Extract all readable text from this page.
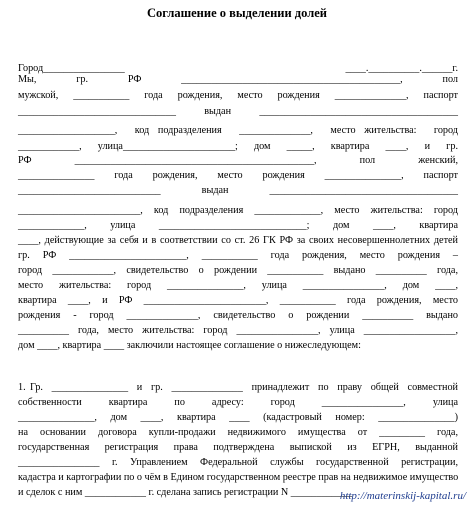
Соглашение о выделении долей

Город________________	____.__________.______г.

Мы,   гр.   РФ   ___________________________________________,   пол
мужской,  ___________  года  рождения,  место  рождения  ______________,  паспорт
_______________________________  выдан  _______________________________________
___________________,  код подразделения  ______________,  место жительства:  город
____________,  улица______________________;  дом  _____,  квартира  ____,  и  гр.
РФ  _______________________________________________,  пол  женский,
_______________  года  рождения,  место  рождения  _______________,  паспорт
____________________________  выдан  _____________________________________
________________________, код подразделения _____________, место жительства: город
_____________,  улица  _____________________________;  дом  ____,  квартира
____, действующие за себя и в соответствии со ст. 26 ГК РФ за своих несовершеннолетних детей
гр. РФ _______________________, ___________ года рождения, место рождения –
город ____________, свидетельство о рождении ___________ выдано __________ года,
место  жительства:  город  _______________,  улица  ________________,  дом  ____,
квартира ____, и РФ ________________________, ___________ года рождения, место
рождения  -  город  ______________,  свидетельство  о  рождении  __________  выдано
__________ года, место жительства: город ________________, улица __________________,
дом ____, квартира ____ заключили настоящее соглашение о нижеследующем:
1. Гр.  _______________  и  гр.  ______________  принадлежит  по  праву  общей  совместной
собственности   квартира   по   адресу:   город   ________________,   улица
_______________, дом ____, квартира ____ (кадастровый номер: _______________)
на основании договора купли-продажи недвижимого имущества от _________ года,
государственная  регистрация  права  подтверждена  выпиской  из  ЕГРН,  выданной
________________ г. Управлением Федеральной службы государственной регистрации,
кадастра и картографии по о чём в Едином государственном реестре прав на недвижимое имущество
и сделок с ним ____________ г. сделана запись регистрации N ____________
http://materinskij-kapital.ru/
